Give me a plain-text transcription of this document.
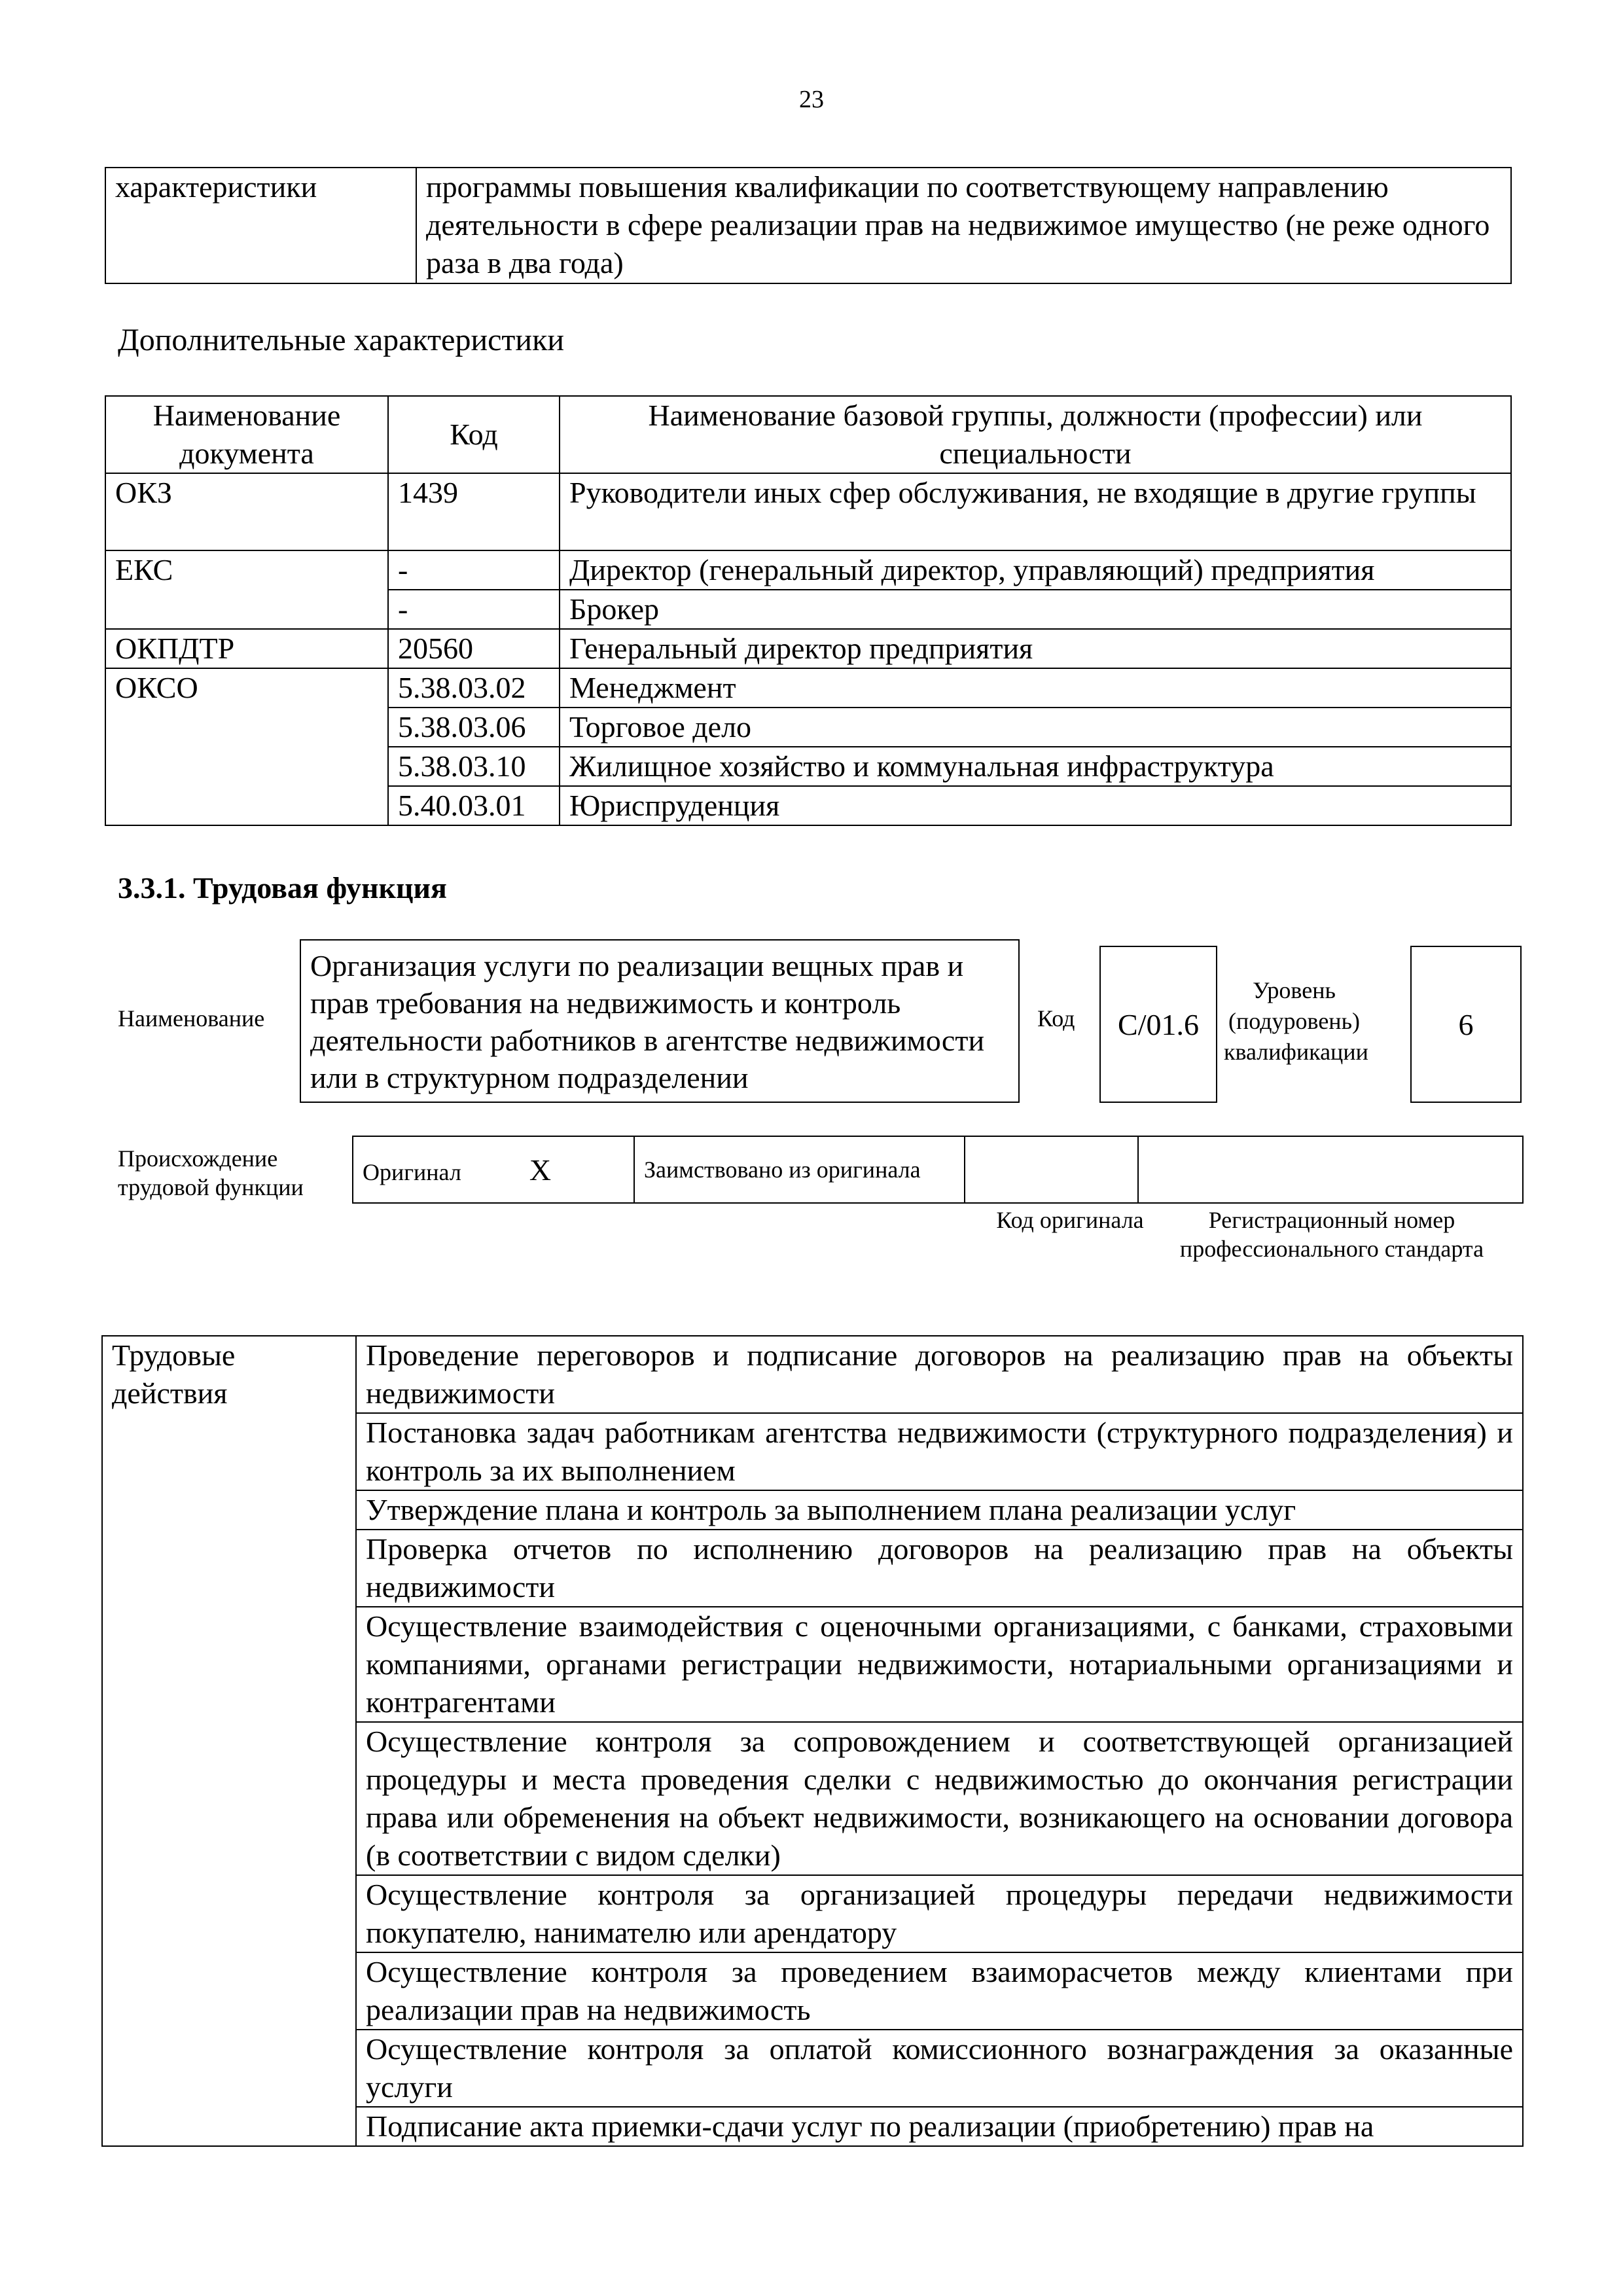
23
характеристики	программы повышения квалификации по соответствующему направлению деятельности в сфере реализации прав на недвижимое имущество (не реже одного раза в два года)
Дополнительные характеристики
Наименование документа	Код	Наименование базовой группы, должности (профессии) или специальности
ОКЗ	1439	Руководители иных сфер обслуживания, не входящие в другие группы
ЕКС	-	Директор (генеральный директор, управляющий) предприятия
	-	Брокер
ОКПДТР	20560	Генеральный директор предприятия
ОКСО	5.38.03.02	Менеджмент
	5.38.03.06	Торговое дело
	5.38.03.10	Жилищное хозяйство и коммунальная инфраструктура
	5.40.03.01	Юриспруденция
3.3.1. Трудовая функция
Наименование
Организация услуги по реализации вещных прав и прав требования на недвижимость и контроль деятельности работников в агентстве недвижимости или в структурном подразделении
Код C/01.6
Уровень (подуровень) квалификации
6
Происхождение трудовой функции
Оригинал X	Заимствовано из оригинала		
Код оригинала	Регистрационный номер профессионального стандарта
Трудовые действия	Проведение переговоров и подписание договоров на реализацию прав на объекты недвижимости
Постановка задач работникам агентства недвижимости (структурного подразделения) и контроль за их выполнением
Утверждение плана и контроль за выполнением плана реализации услуг
Проверка отчетов по исполнению договоров на реализацию прав на объекты недвижимости
Осуществление взаимодействия с оценочными организациями, с банками, страховыми компаниями, органами регистрации недвижимости, нотариальными организациями и контрагентами
Осуществление контроля за сопровождением и соответствующей организацией процедуры и места проведения сделки с недвижимостью до окончания регистрации права или обременения на объект недвижимости, возникающего на основании договора (в соответствии с видом сделки)
Осуществление контроля за организацией процедуры передачи недвижимости покупателю, нанимателю или арендатору
Осуществление контроля за проведением взаиморасчетов между клиентами при реализации прав на недвижимость
Осуществление контроля за оплатой комиссионного вознаграждения за оказанные услуги
Подписание акта приемки-сдачи услуг по реализации (приобретению) прав на
